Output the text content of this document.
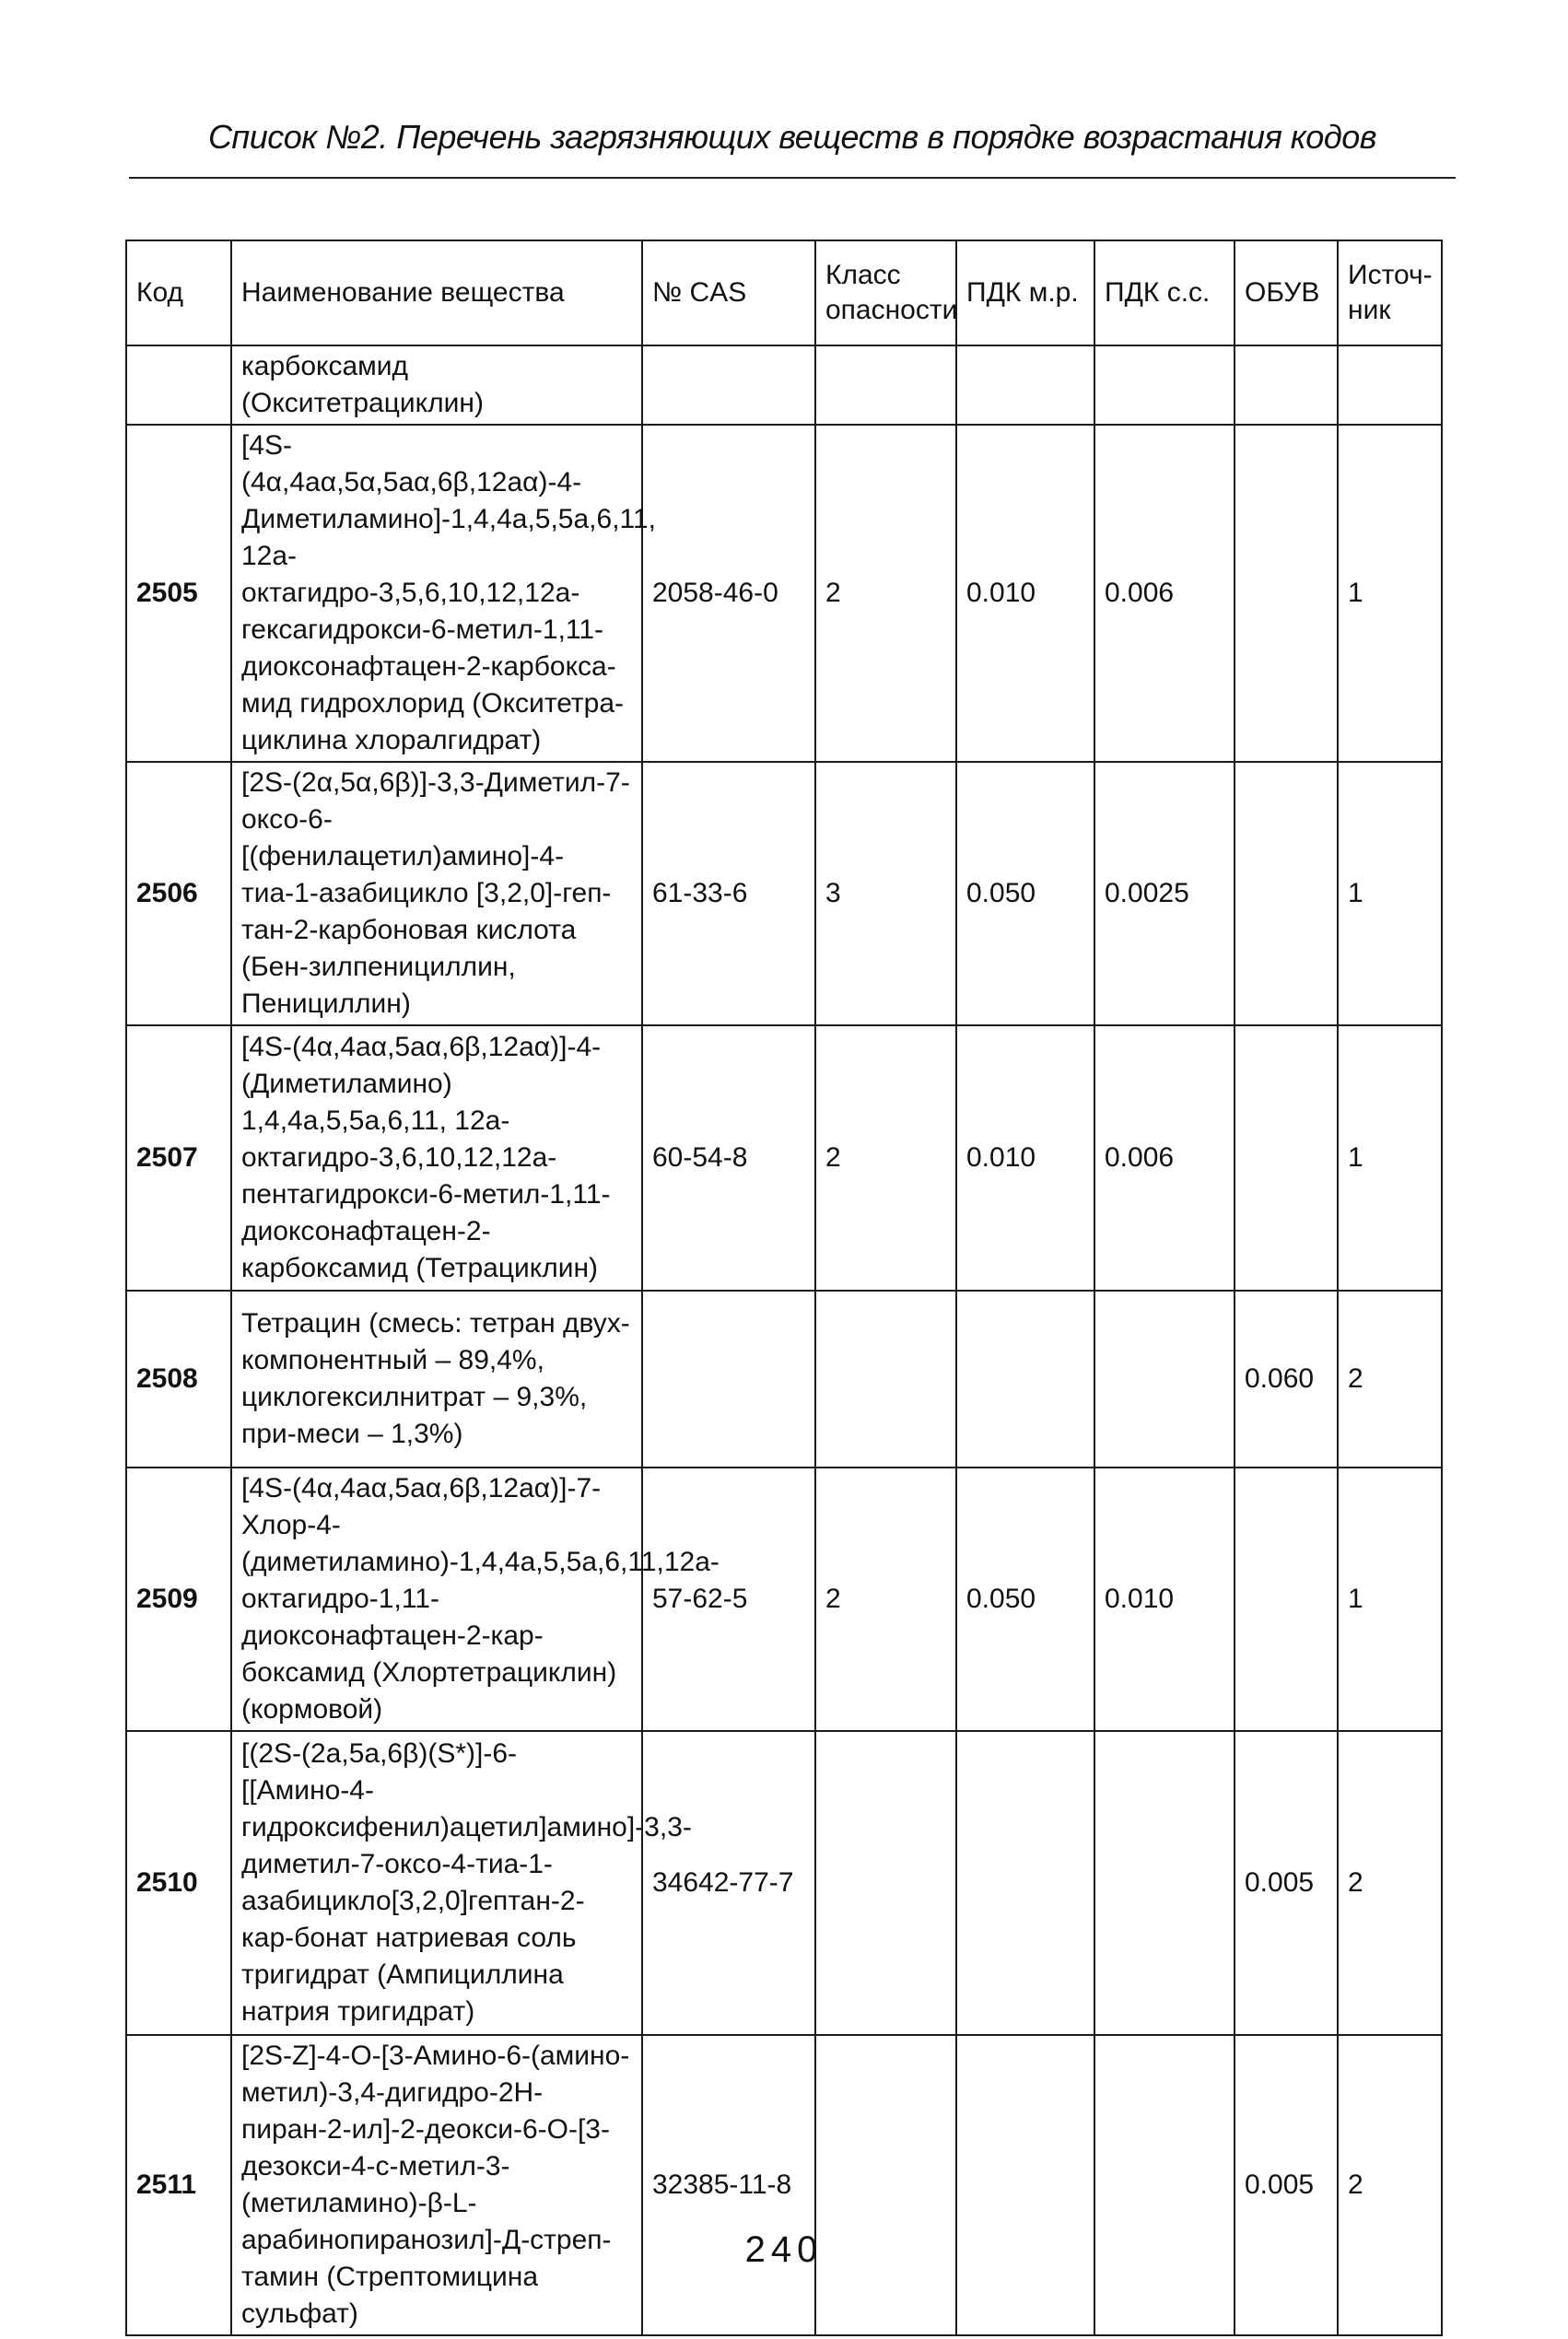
Список №2. Перечень загрязняющих веществ в порядке возрастания кодов
Код	Наименование вещества	№ CAS	Класс опасности	ПДК м.р.	ПДК с.с.	ОБУВ	Источ-ник
	карбоксамид (Окситетрациклин)						
2505	[4S-(4α,4aα,5α,5aα,6β,12aα)-4-Диметиламино]-1,4,4a,5,5a,6,11, 12a-октагидро-3,5,6,10,12,12a-гексагидрокси-6-метил-1,11-диоксонафтацен-2-карбокса-мид гидрохлорид (Окситетра-циклина хлоралгидрат)	2058-46-0	2	0.010	0.006		1
2506	[2S-(2α,5α,6β)]-3,3-Диметил-7-оксо-6-[(фенилацетил)амино]-4-тиа-1-азабицикло [3,2,0]-геп-тан-2-карбоновая кислота (Бен-зилпенициллин, Пенициллин)	61-33-6	3	0.050	0.0025		1
2507	[4S-(4α,4aα,5aα,6β,12aα)]-4-(Диметиламино) 1,4,4a,5,5a,6,11, 12a-октагидро-3,6,10,12,12a-пентагидрокси-6-метил-1,11-диоксонафтацен-2-карбоксамид (Тетрациклин)	60-54-8	2	0.010	0.006		1
2508	Тетрацин (смесь: тетран двух-компонентный – 89,4%, циклогексилнитрат – 9,3%, при-меси – 1,3%)					0.060	2
2509	[4S-(4α,4aα,5aα,6β,12aα)]-7-Хлор-4-(диметиламино)-1,4,4a,5,5a,6,11,12a-октагидро-1,11-диоксонафтацен-2-кар-боксамид (Хлортетрациклин) (кормовой)	57-62-5	2	0.050	0.010		1
2510	[(2S-(2a,5a,6β)(S*)]-6-[[Амино-4-гидроксифенил)ацетил]амино]-3,3-диметил-7-оксо-4-тиа-1-азабицикло[3,2,0]гептан-2-кар-бонат натриевая соль тригидрат (Ампициллина натрия тригидрат)	34642-77-7				0.005	2
2511	[2S-Z]-4-O-[3-Амино-6-(амино-метил)-3,4-дигидро-2H-пиран-2-ил]-2-деокси-6-O-[3-дезокси-4-с-метил-3-(метиламино)-β-L-арабинопиранозил]-Д-стреп-тамин (Стрептомицина сульфат)	32385-11-8				0.005	2
240
